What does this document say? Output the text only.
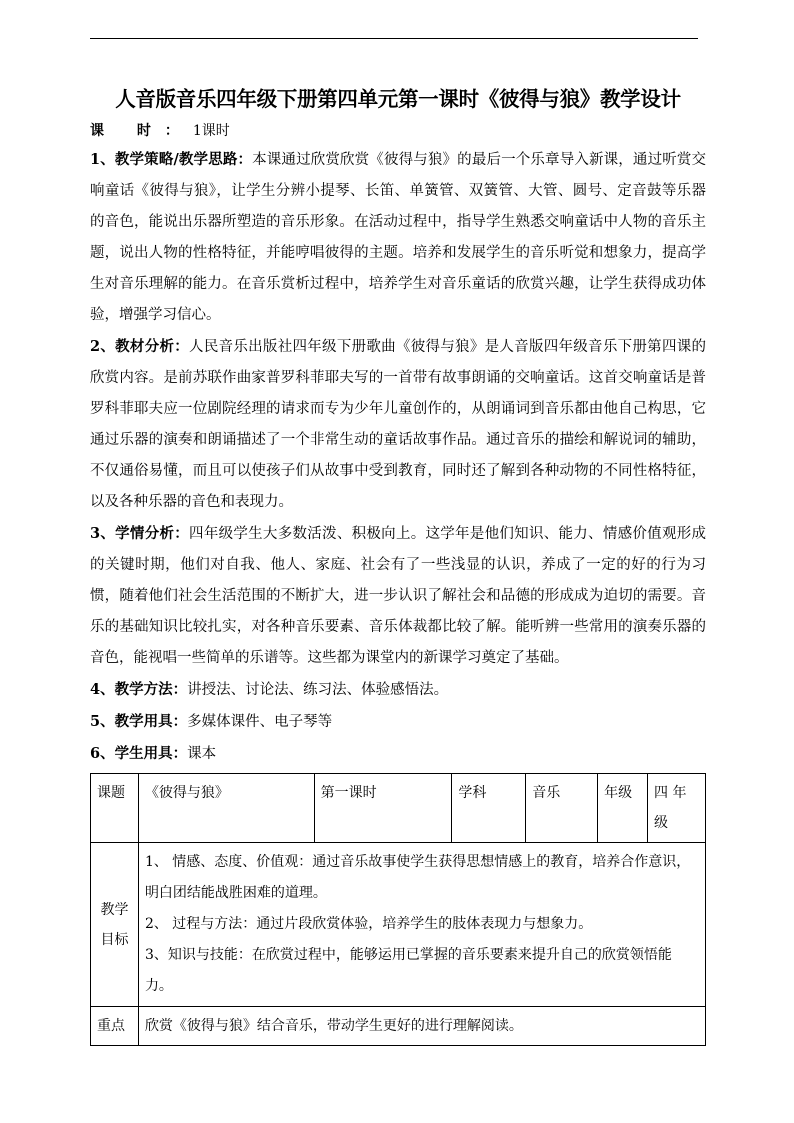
人音版音乐四年级下册第四单元第一课时《彼得与狼》教学设计

课 时：1课时

1、教学策略/教学思路：本课通过欣赏欣赏《彼得与狼》的最后一个乐章导入新课，通过听赏交响童话《彼得与狼》，让学生分辨小提琴、长笛、单簧管、双簧管、大管、圆号、定音鼓等乐器的音色，能说出乐器所塑造的音乐形象。在活动过程中，指导学生熟悉交响童话中人物的音乐主题，说出人物的性格特征，并能哼唱彼得的主题。培养和发展学生的音乐听觉和想象力，提高学生对音乐理解的能力。在音乐赏析过程中，培养学生对音乐童话的欣赏兴趣，让学生获得成功体验，增强学习信心。

2、教材分析：人民音乐出版社四年级下册歌曲《彼得与狼》是人音版四年级音乐下册第四课的欣赏内容。是前苏联作曲家普罗科菲耶夫写的一首带有故事朗诵的交响童话。这首交响童话是普罗科菲耶夫应一位剧院经理的请求而专为少年儿童创作的，从朗诵词到音乐都由他自己构思，它通过乐器的演奏和朗诵描述了一个非常生动的童话故事作品。通过音乐的描绘和解说词的辅助，不仅通俗易懂，而且可以使孩子们从故事中受到教育，同时还了解到各种动物的不同性格特征，以及各种乐器的音色和表现力。

3、学情分析：四年级学生大多数活泼、积极向上。这学年是他们知识、能力、情感价值观形成的关键时期，他们对自我、他人、家庭、社会有了一些浅显的认识，养成了一定的好的行为习惯，随着他们社会生活范围的不断扩大，进一步认识了解社会和品德的形成成为迫切的需要。音乐的基础知识比较扎实，对各种音乐要素、音乐体裁都比较了解。能听辨一些常用的演奏乐器的音色，能视唱一些简单的乐谱等。这些都为课堂内的新课学习奠定了基础。

4、教学方法：讲授法、讨论法、练习法、体验感悟法。

5、教学用具：多媒体课件、电子琴等

6、学生用具：课本

课题	《彼得与狼》	第一课时	学科	音乐	年级	四 年级
教学目标	1、 情感、态度、价值观：通过音乐故事使学生获得思想情感上的教育，培养合作意识，明白团结能战胜困难的道理。

2、 过程与方法：通过片段欣赏体验，培养学生的肢体表现力与想象力。

3、知识与技能：在欣赏过程中，能够运用已掌握的音乐要素来提升自己的欣赏领悟能力。					

重点	欣赏《彼得与狼》结合音乐，带动学生更好的进行理解阅读。					
